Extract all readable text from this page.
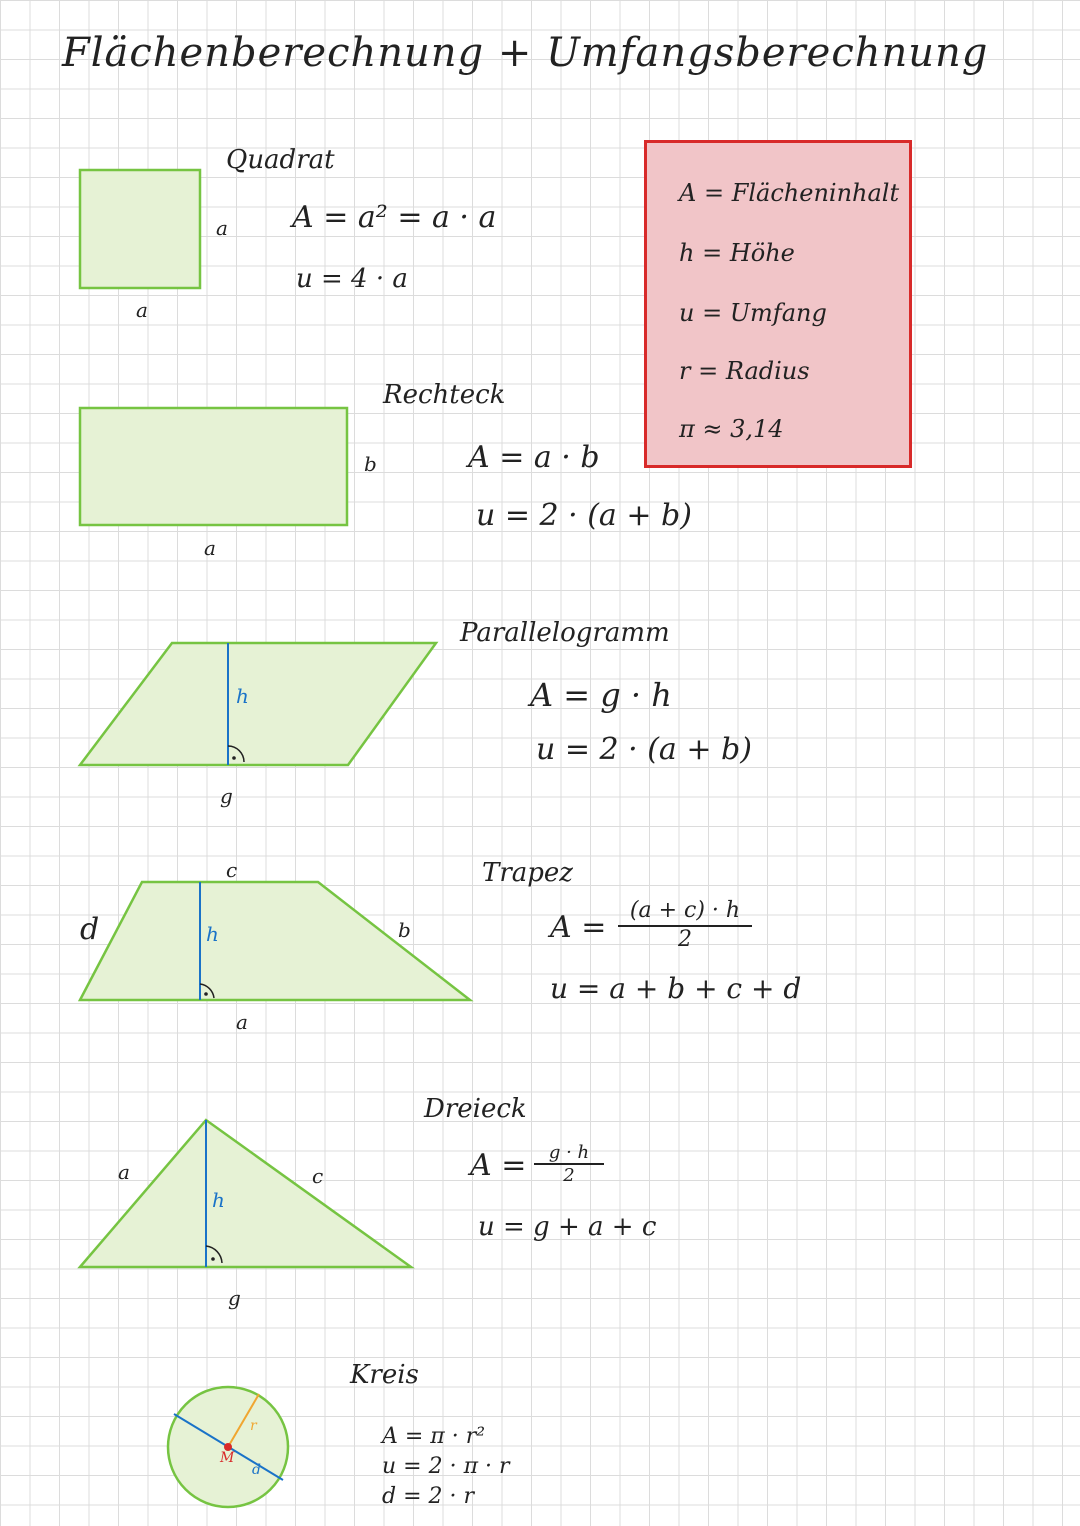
Flächenberechnung + Umfangsberechnung
A = Flächeninhalt
h = Höhe
u = Umfang
r = Radius
π ≈ 3,14
Quadrat
A = a² = a · a
u = 4 · a
a
a
Rechteck
A = a · b
u = 2 · (a + b)
b
a
Parallelogramm
A = g · h
u = 2 · (a + b)
h
g
Trapez
$A = \frac{(a + c) \cdot h}{2}$
u = a + b + c + d
c
d	b
a
h
Dreieck
$A = \frac{g \cdot h}{2}$
u = g + a + c
a	c
g
h
Kreis
A = π · r²
u = 2 · π · r
d = 2 · r
M
r
d
